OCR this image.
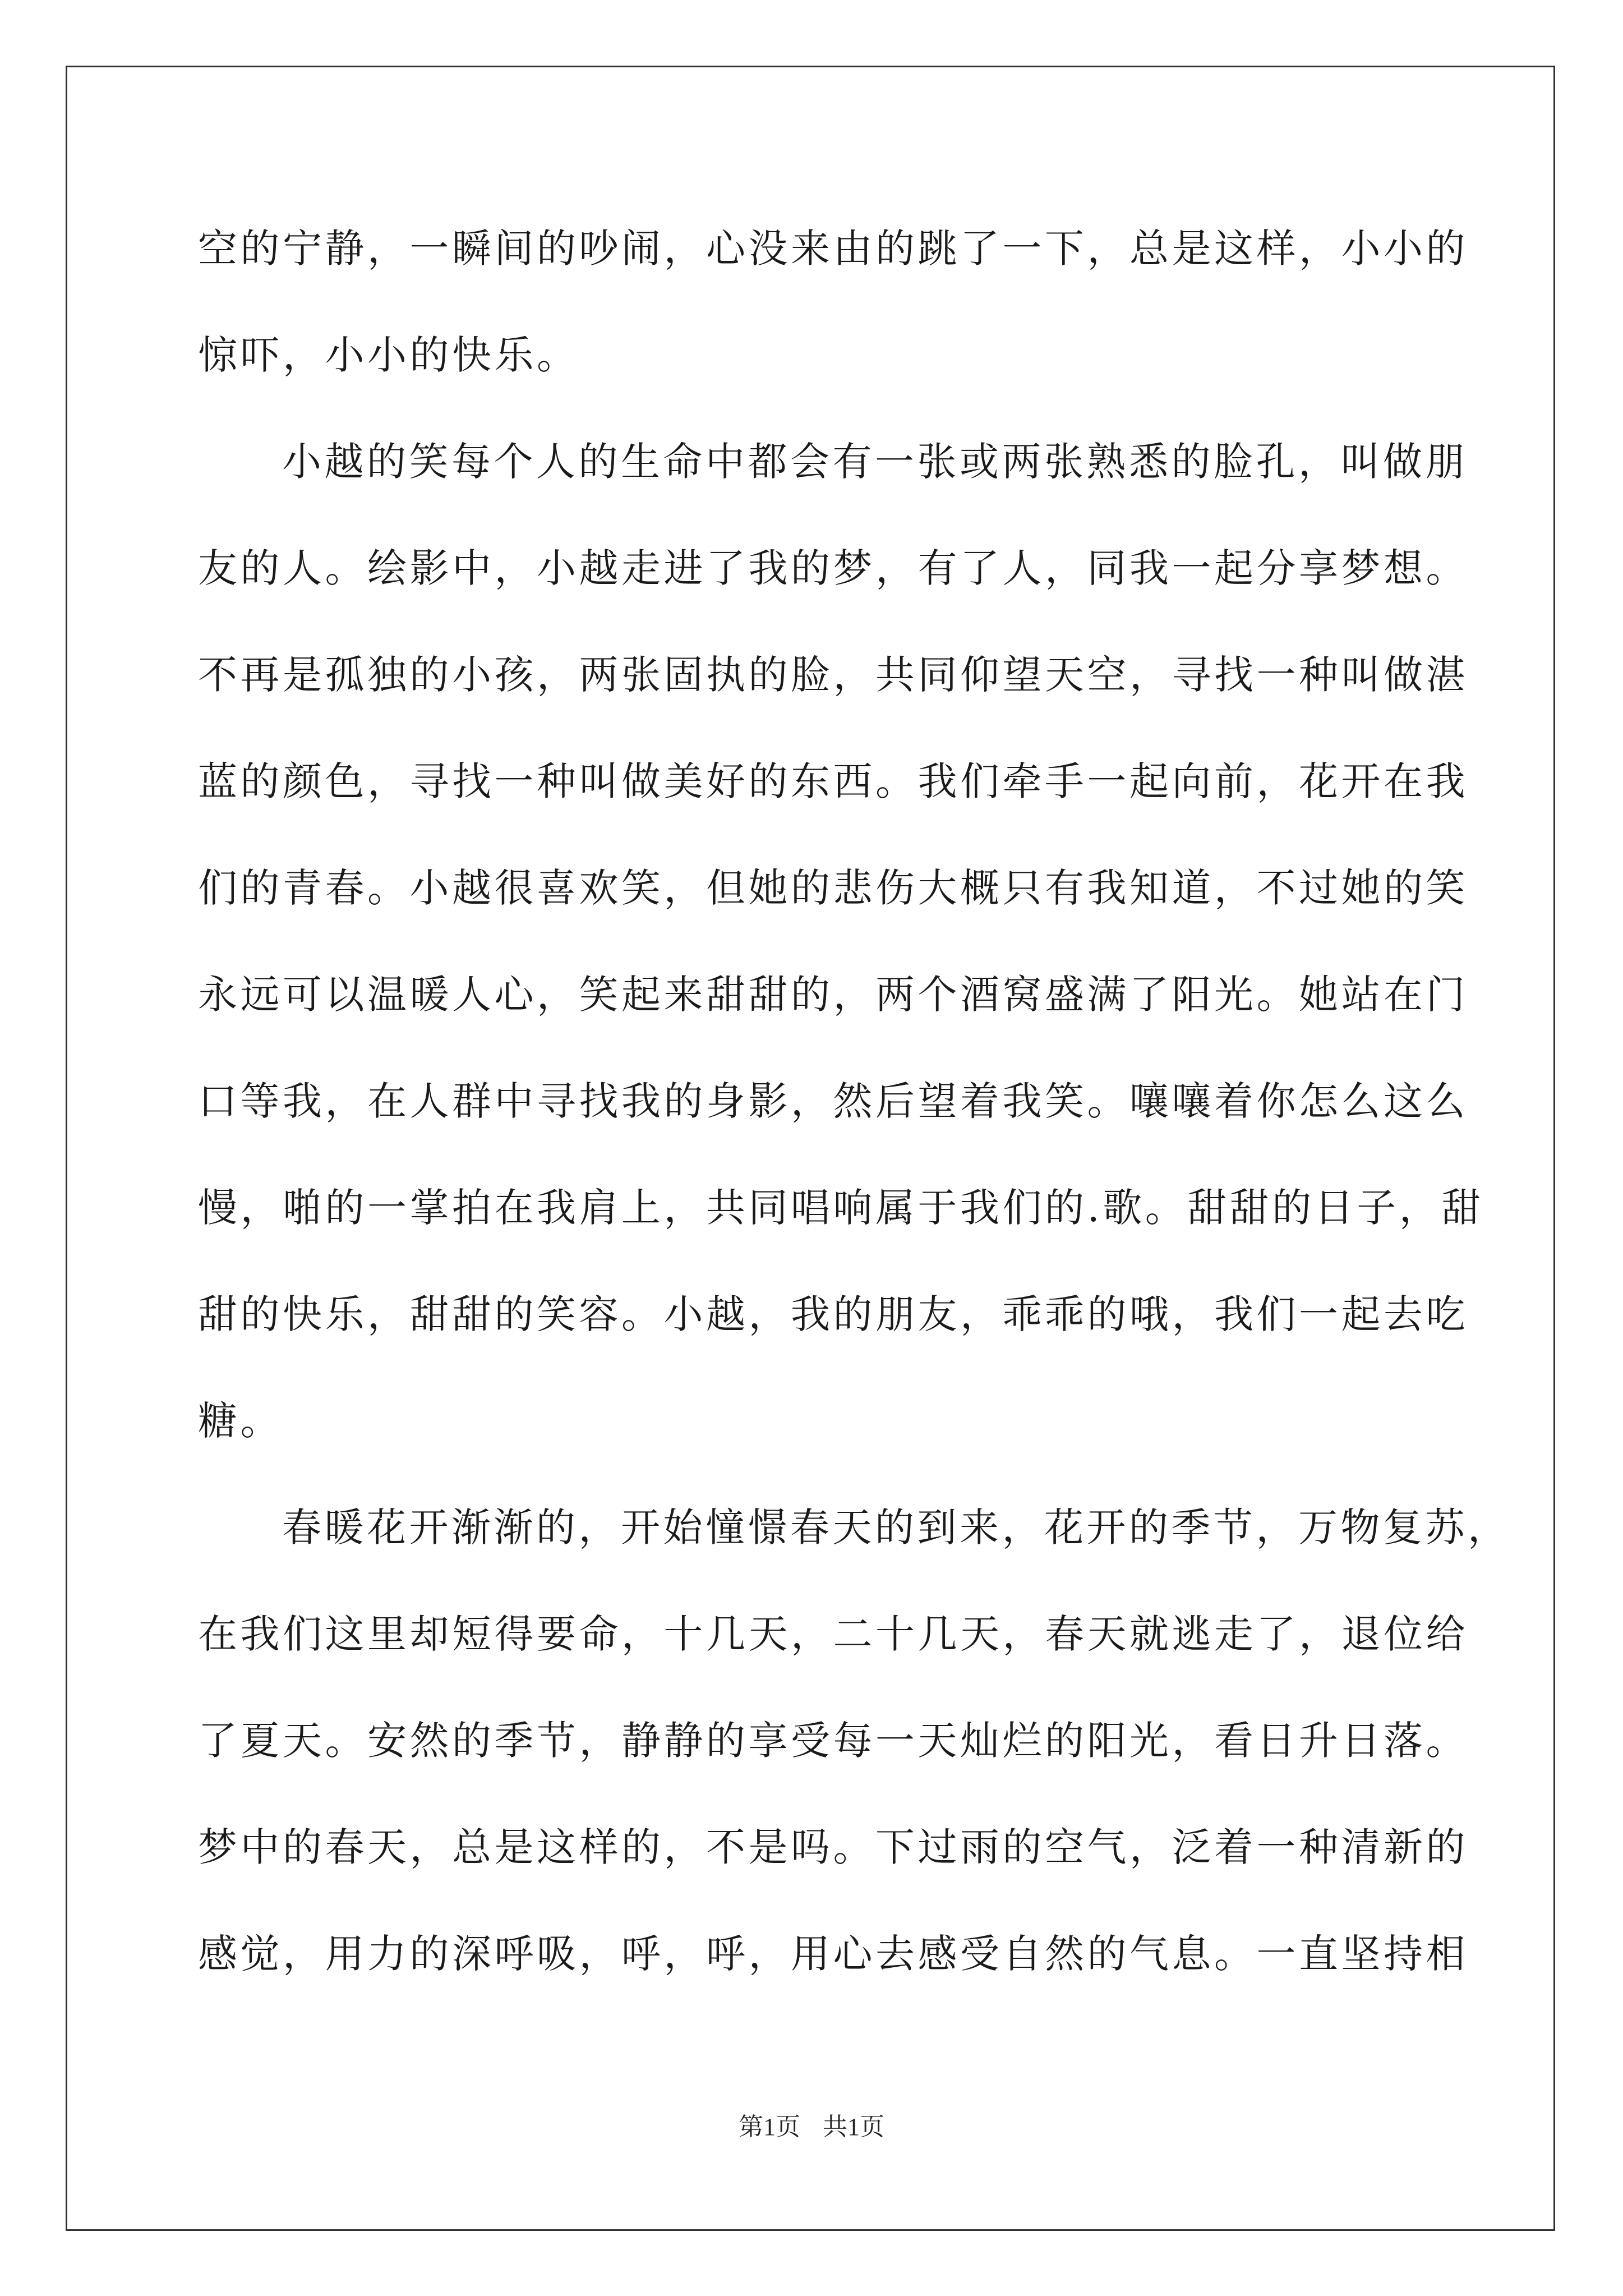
空的宁静，一瞬间的吵闹，心没来由的跳了一下，总是这样，小小的
惊吓，小小的快乐。
小越的笑每个人的生命中都会有一张或两张熟悉的脸孔，叫做朋
友的人。绘影中，小越走进了我的梦，有了人，同我一起分享梦想。
不再是孤独的小孩，两张固执的脸，共同仰望天空，寻找一种叫做湛
蓝的颜色，寻找一种叫做美好的东西。我们牵手一起向前，花开在我
们的青春。小越很喜欢笑，但她的悲伤大概只有我知道，不过她的笑
永远可以温暖人心，笑起来甜甜的，两个酒窝盛满了阳光。她站在门
口等我，在人群中寻找我的身影，然后望着我笑。嚷嚷着你怎么这么
慢，啪的一掌拍在我肩上，共同唱响属于我们的.歌。甜甜的日子，甜
甜的快乐，甜甜的笑容。小越，我的朋友，乖乖的哦，我们一起去吃
糖。
春暖花开渐渐的，开始憧憬春天的到来，花开的季节，万物复苏，
在我们这里却短得要命，十几天，二十几天，春天就逃走了，退位给
了夏天。安然的季节，静静的享受每一天灿烂的阳光，看日升日落。
梦中的春天，总是这样的，不是吗。下过雨的空气，泛着一种清新的
感觉，用力的深呼吸，呼，呼，用心去感受自然的气息。一直坚持相
第1页 共1页
